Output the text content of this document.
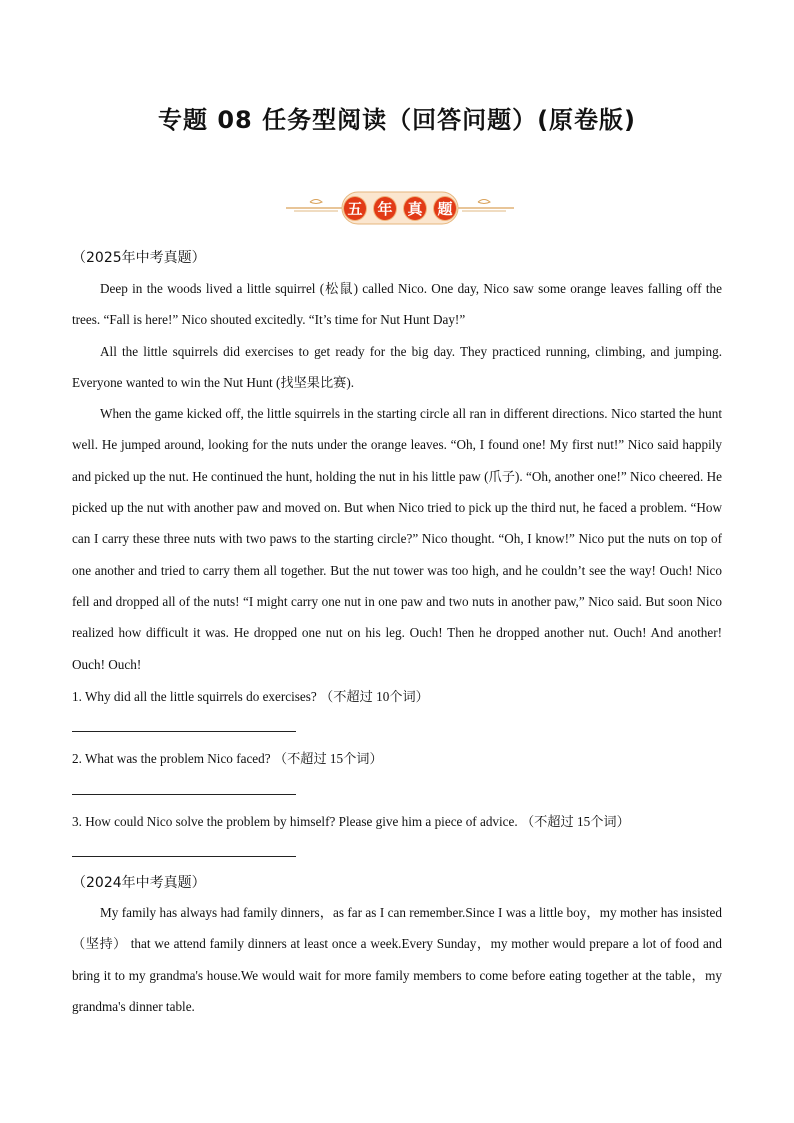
专题 08 任务型阅读（回答问题）(原卷版)
五 年 真 题
（2025年中考真题）

Deep in the woods lived a little squirrel (松鼠) called Nico. One day, Nico saw some orange leaves falling off the trees. “Fall is here!” Nico shouted excitedly. “It’s time for Nut Hunt Day!”

All the little squirrels did exercises to get ready for the big day. They practiced running, climbing, and jumping. Everyone wanted to win the Nut Hunt (找坚果比赛).

When the game kicked off, the little squirrels in the starting circle all ran in different directions. Nico started the hunt well. He jumped around, looking for the nuts under the orange leaves. “Oh, I found one! My first nut!” Nico said happily and picked up the nut. He continued the hunt, holding the nut in his little paw (爪子). “Oh, another one!” Nico cheered. He picked up the nut with another paw and moved on. But when Nico tried to pick up the third nut, he faced a problem. “How can I carry these three nuts with two paws to the starting circle?” Nico thought. “Oh, I know!” Nico put the nuts on top of one another and tried to carry them all together. But the nut tower was too high, and he couldn’t see the way! Ouch! Nico fell and dropped all of the nuts! “I might carry one nut in one paw and two nuts in another paw,” Nico said. But soon Nico realized how difficult it was. He dropped one nut on his leg. Ouch! Then he dropped another nut. Ouch! And another! Ouch! Ouch!

1. Why did all the little squirrels do exercises? （不超过 10个词）
2. What was the problem Nico faced? （不超过 15个词）
3. How could Nico solve the problem by himself? Please give him a piece of advice. （不超过 15个词）
（2024年中考真题）

My family has always had family dinners，as far as I can remember.Since I was a little boy，my mother has insisted（坚持） that we attend family dinners at least once a week.Every Sunday，my mother would prepare a lot of food and bring it to my grandma's house.We would wait for more family members to come before eating together at the table，my grandma's dinner table.
